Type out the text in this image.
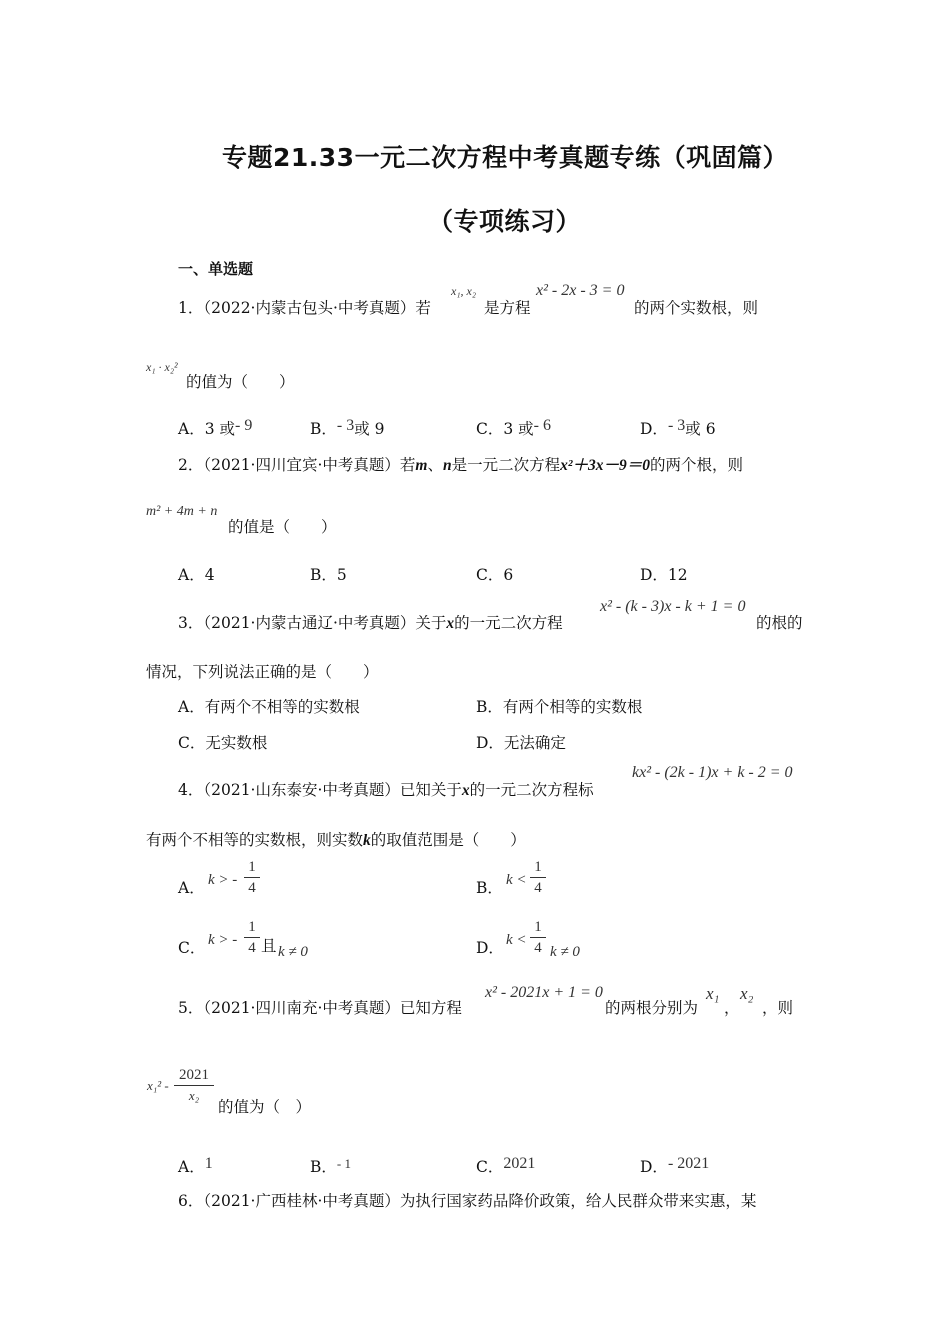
专题21.33一元二次方程中考真题专练（巩固篇）
（专项练习）
一、单选题
1．（2022·内蒙古包头·中考真题）若
x₁, x₂
是方程
x² - 2x - 3 = 0
的两个实数根，则
x₁ · x₂²
的值为（　　）
A．3 或- 9	B．- 3或 9	C．3 或- 6	D．- 3或 6
2．（2021·四川宜宾·中考真题）若m、n是一元二次方程x²＋3x－9＝0的两个根，则
m² + 4m + n
的值是（　　）
A．4	B．5	C．6	D．12
3．（2021·内蒙古通辽·中考真题）关于x的一元二次方程
x² - (k - 3)x - k + 1 = 0
的根的
情况，下列说法正确的是（　　）
A．有两个不相等的实数根	B．有两个相等的实数根
C．无实数根	D．无法确定
4．（2021·山东泰安·中考真题）已知关于x的一元二次方程标
kx² - (2k - 1)x + k - 2 = 0
有两个不相等的实数根，则实数k的取值范围是（　　）
A． k > -
1
4	B． k <
1
4
C． k > -
1
4 且 k ≠ 0	D． k <
1
4 k ≠ 0
5．（2021·四川南充·中考真题）已知方程
x² - 2021x + 1 = 0
的两根分别为
x₁
，
x₂
，则
x₁² -
2021
x₂
的值为（　）
A．1	B．$^{- 1}$	C．2021	D．- 2021
6．（2021·广西桂林·中考真题）为执行国家药品降价政策，给人民群众带来实惠，某
